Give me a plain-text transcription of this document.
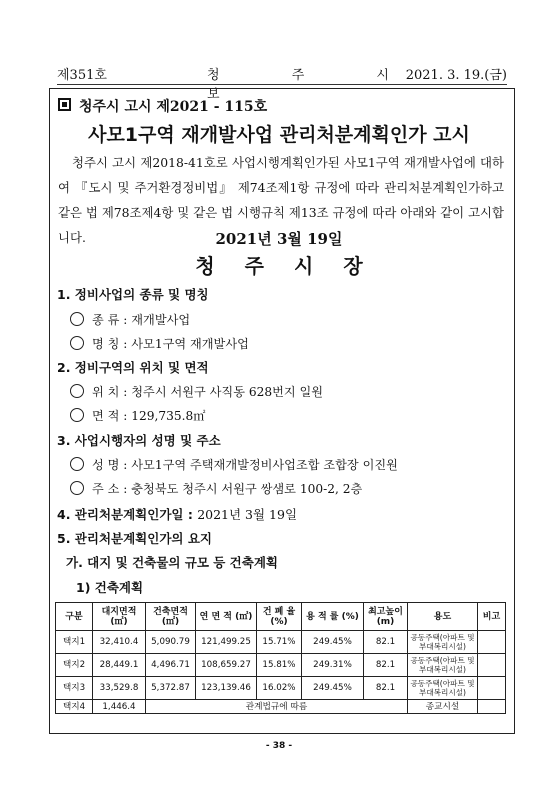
제351호	청 주 시 보
2021. 3. 19.(금)
청주시 고시 제2021 - 115호
사모1구역 재개발사업 관리처분계획인가 고시
청주시 고시 제2018-41호로 사업시행계획인가된 사모1구역 재개발사업에 대하여 『도시 및 주거환경정비법』 제74조제1항 규정에 따라 관리처분계획인가하고 같은 법 제78조제4항 및 같은 법 시행규칙 제13조 규정에 따라 아래와 같이 고시합니다.	2021년 3월 19일
청주시장
1. 정비사업의 종류 및 명칭
종 류 : 재개발사업
명 칭 : 사모1구역 재개발사업
2. 정비구역의 위치 및 면적
위 치 : 청주시 서원구 사직동 628번지 일원
면 적 : 129,735.8㎡
3. 사업시행자의 성명 및 주소
성 명 : 사모1구역 주택재개발정비사업조합 조합장 이진원
주 소 : 충청북도 청주시 서원구 쌍샘로 100-2, 2층
4. 관리처분계획인가일 : 2021년 3월 19일
5. 관리처분계획인가의 요지
가. 대지 및 건축물의 규모 등 건축계획
1) 건축계획
구분	대지면적 (㎡)	건축면적 (㎡)	연 면 적 (㎡)	건 폐 율 (%)	용 적 률 (%)	최고높이 (m)	용도	비고
택지1	32,410.4	5,090.79	121,499.25	15.71%	249.45%	82.1	공동주택(아파트 및 부대복리시설)	
택지2	28,449.1	4,496.71	108,659.27	15.81%	249.31%	82.1	공동주택(아파트 및 부대복리시설)	
택지3	33,529.8	5,372.87	123,139.46	16.02%	249.45%	82.1	공동주택(아파트 및 부대복리시설)	
택지4	1,446.4	관계법규에 따름					종교시설	
- 38 -
